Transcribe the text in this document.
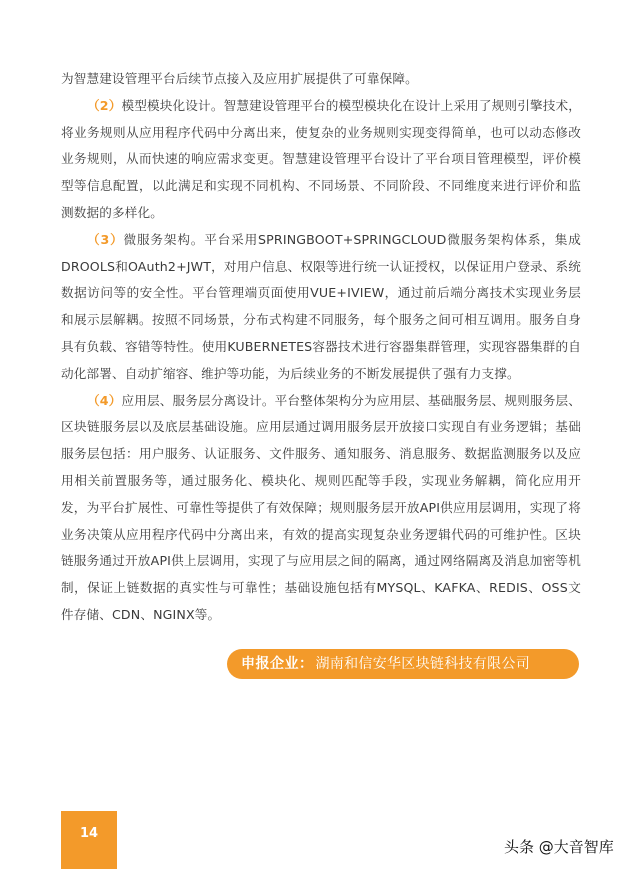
为智慧建设管理平台后续节点接入及应用扩展提供了可靠保障。

（2）模型模块化设计。智慧建设管理平台的模型模块化在设计上采用了规则引擎技术，将业务规则从应用程序代码中分离出来，使复杂的业务规则实现变得简单，也可以动态修改业务规则，从而快速的响应需求变更。智慧建设管理平台设计了平台项目管理模型，评价模型等信息配置，以此满足和实现不同机构、不同场景、不同阶段、不同维度来进行评价和监测数据的多样化。

（3）微服务架构。平台采用SPRINGBOOT+SPRINGCLOUD微服务架构体系，集成DROOLS和OAuth2+JWT，对用户信息、权限等进行统一认证授权，以保证用户登录、系统数据访问等的安全性。平台管理端页面使用VUE+IVIEW，通过前后端分离技术实现业务层和展示层解耦。按照不同场景，分布式构建不同服务，每个服务之间可相互调用。服务自身具有负载、容错等特性。使用KUBERNETES容器技术进行容器集群管理，实现容器集群的自动化部署、自动扩缩容、维护等功能，为后续业务的不断发展提供了强有力支撑。

（4）应用层、服务层分离设计。平台整体架构分为应用层、基础服务层、规则服务层、区块链服务层以及底层基础设施。应用层通过调用服务层开放接口实现自有业务逻辑；基础服务层包括：用户服务、认证服务、文件服务、通知服务、消息服务、数据监测服务以及应用相关前置服务等，通过服务化、模块化、规则匹配等手段，实现业务解耦，简化应用开发，为平台扩展性、可靠性等提供了有效保障；规则服务层开放API供应用层调用，实现了将业务决策从应用程序代码中分离出来，有效的提高实现复杂业务逻辑代码的可维护性。区块链服务通过开放API供上层调用，实现了与应用层之间的隔离，通过网络隔离及消息加密等机制，保证上链数据的真实性与可靠性；基础设施包括有MYSQL、KAFKA、REDIS、OSS文件存储、CDN、NGINX等。

申报企业： 湖南和信安华区块链科技有限公司
14
头条 @大音智库
